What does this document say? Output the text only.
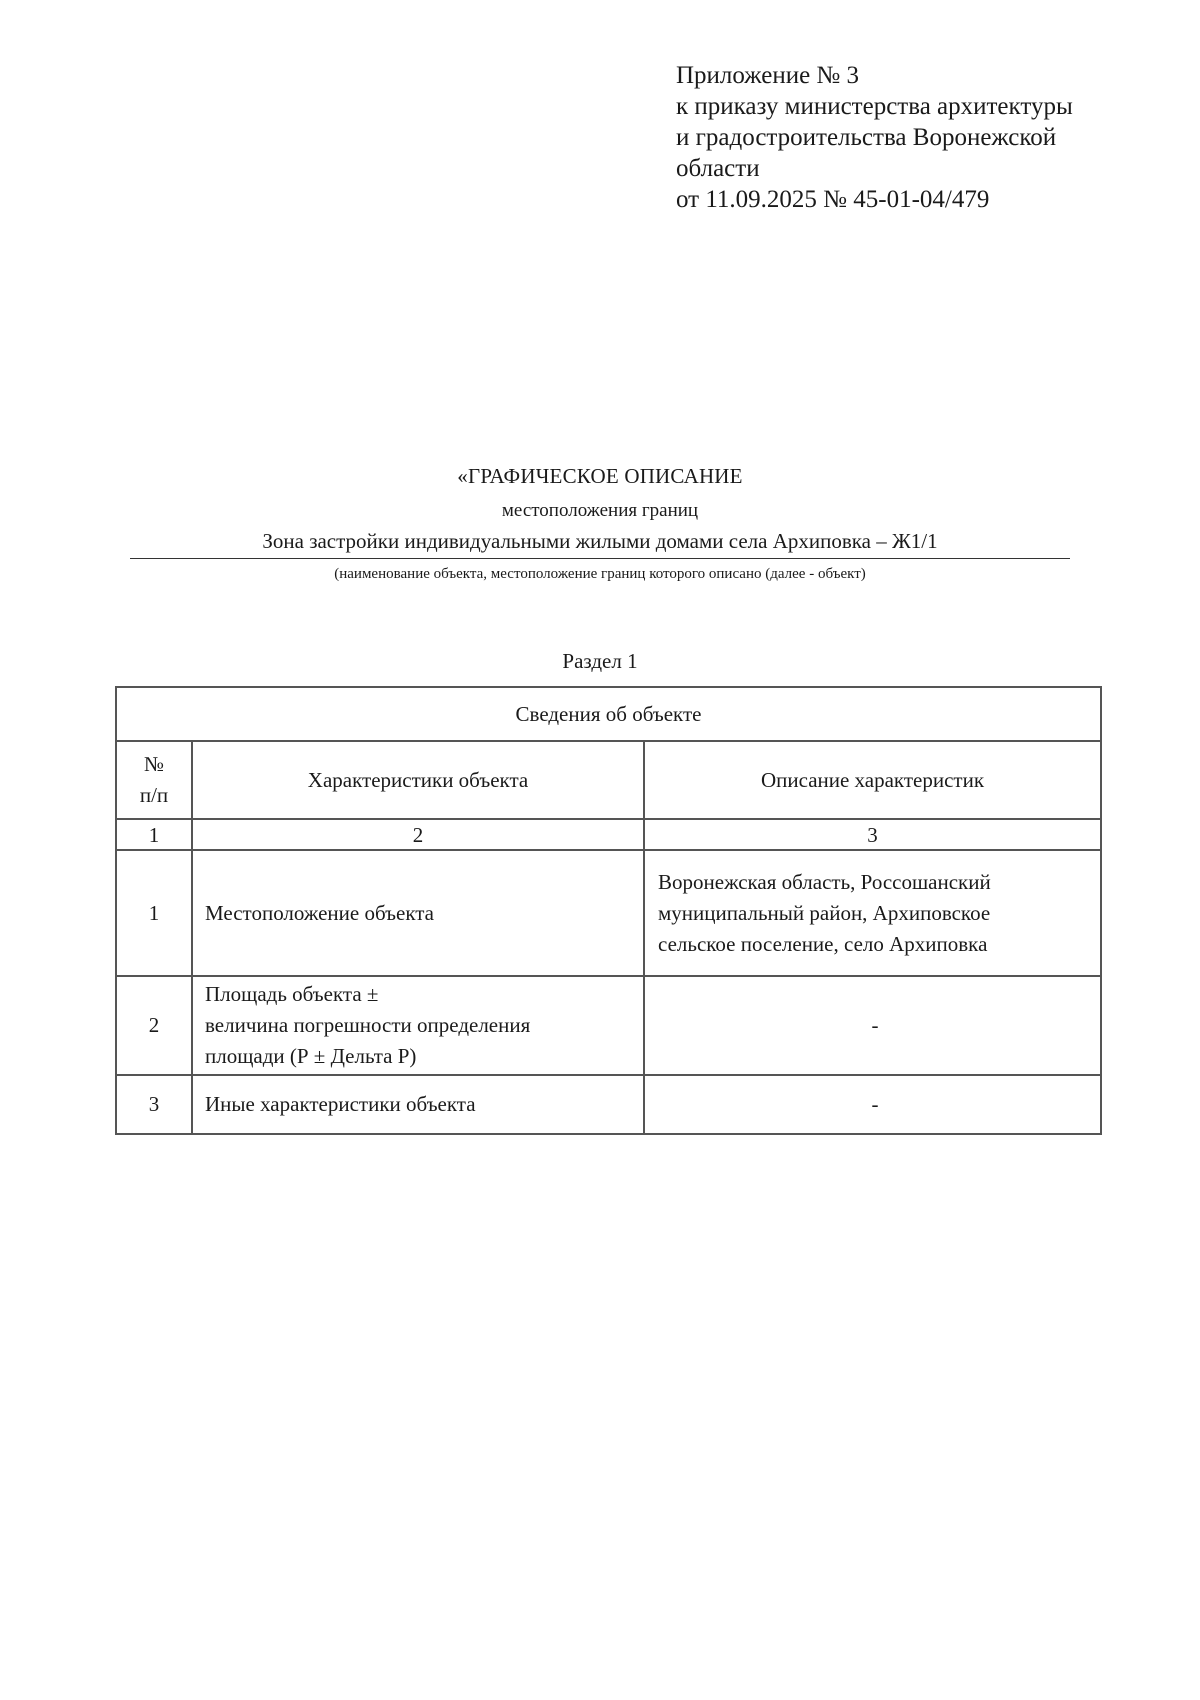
Приложение № 3
к приказу министерства архитектуры
и градостроительства Воронежской
области
от 11.09.2025 № 45-01-04/479
«ГРАФИЧЕСКОЕ ОПИСАНИЕ
местоположения границ
Зона застройки индивидуальными жилыми домами села Архиповка – Ж1/1
(наименование объекта, местоположение границ которого описано (далее - объект)
Раздел 1
Сведения об объекте		
№
п/п	Характеристики объекта	Описание характеристик
1	2	3
1	Местоположение объекта	Воронежская область, Россошанский
муниципальный район, Архиповское
сельское поселение, село Архиповка
2	Площадь объекта ±
величина погрешности определения
площади (Р ± Дельта Р)	-
3	Иные характеристики объекта	-
